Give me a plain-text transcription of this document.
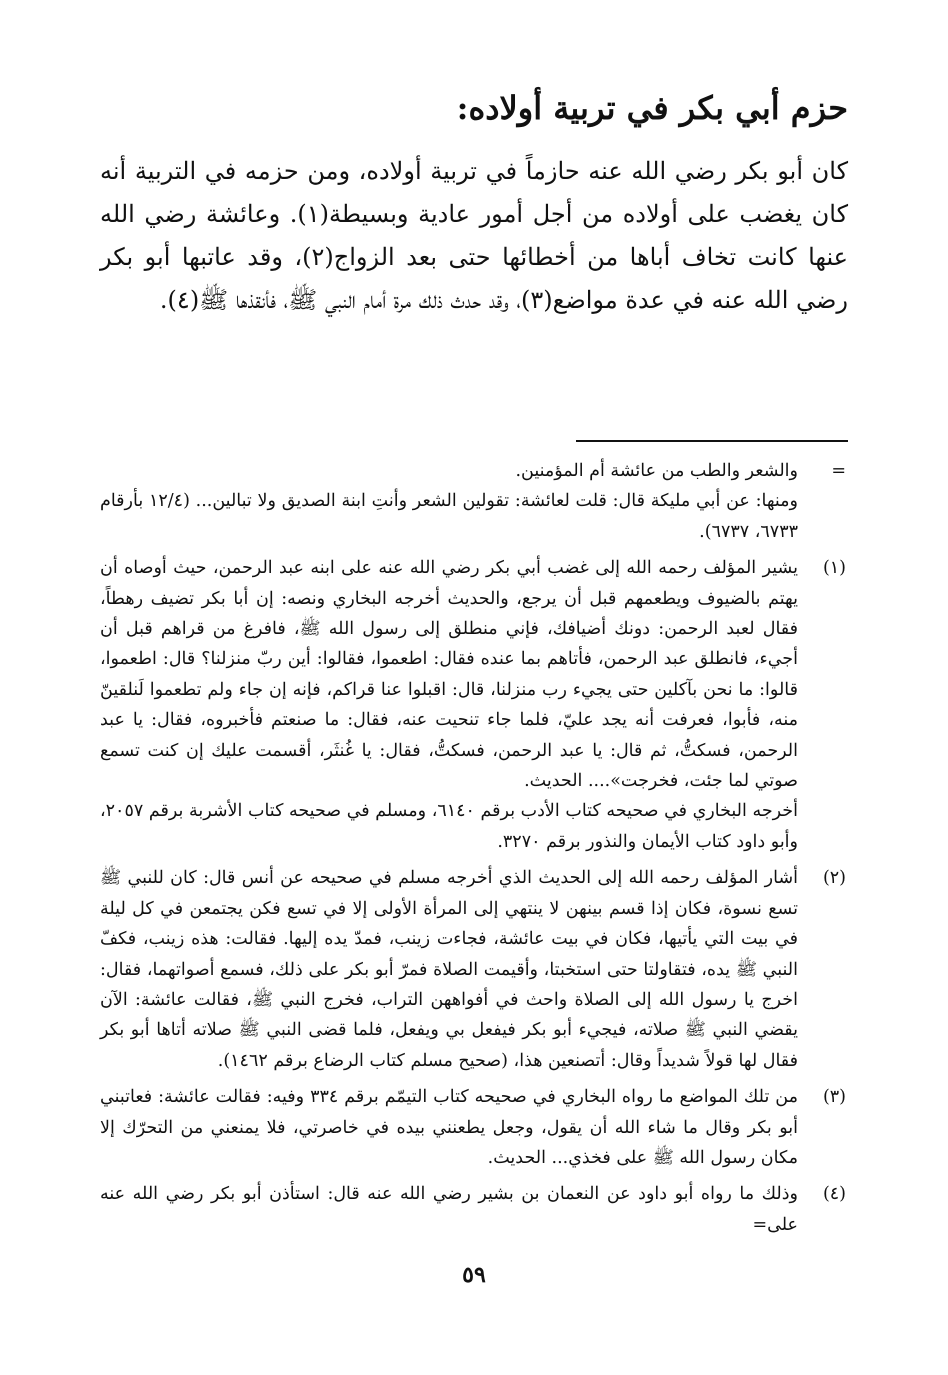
حزم أبي بكر في تربية أولاده:

كان أبو بكر رضي الله عنه حازماً في تربية أولاده، ومن حزمه في التربية أنه كان يغضب على أولاده من أجل أمور عادية وبسيطة(١). وعائشة رضي الله عنها كانت تخاف أباها من أخطائها حتى بعد الزواج(٢)، وقد عاتبها أبو بكر رضي الله عنه في عدة مواضع(٣)، وقد حدث ذلك مرة أمام النبي ﷺ، فأنقذها ﷺ(٤).

=

والشعر والطب من عائشة أم المؤمنين.

ومنها: عن أبي مليكة قال: قلت لعائشة: تقولين الشعر وأنتِ ابنة الصديق ولا تبالين... (١٢/٤ بأرقام ٦٧٣٣، ٦٧٣٧).

(١)

يشير المؤلف رحمه الله إلى غضب أبي بكر رضي الله عنه على ابنه عبد الرحمن، حيث أوصاه أن يهتم بالضيوف ويطعمهم قبل أن يرجع، والحديث أخرجه البخاري ونصه: إن أبا بكر تضيف رهطاً، فقال لعبد الرحمن: دونك أضيافك، فإني منطلق إلى رسول الله ﷺ، فافرغ من قراهم قبل أن أجيء، فانطلق عبد الرحمن، فأتاهم بما عنده فقال: اطعموا، فقالوا: أين ربّ منزلنا؟ قال: اطعموا، قالوا: ما نحن بآكلين حتى يجيء رب منزلنا، قال: اقبلوا عنا قراكم، فإنه إن جاء ولم تطعموا لَنلقينّ منه، فأبوا، فعرفت أنه يجد عليّ، فلما جاء تنحيت عنه، فقال: ما صنعتم فأخبروه، فقال: يا عبد الرحمن، فسكتُّ، ثم قال: يا عبد الرحمن، فسكتُّ، فقال: يا غُنثَر، أقسمت عليك إن كنت تسمع صوتي لما جئت، فخرجت».... الحديث.

أخرجه البخاري في صحيحه كتاب الأدب برقم ٦١٤٠، ومسلم في صحيحه كتاب الأشربة برقم ٢٠٥٧، وأبو داود كتاب الأيمان والنذور برقم ٣٢٧٠.

(٢)

أشار المؤلف رحمه الله إلى الحديث الذي أخرجه مسلم في صحيحه عن أنس قال: كان للنبي ﷺ تسع نسوة، فكان إذا قسم بينهن لا ينتهي إلى المرأة الأولى إلا في تسع فكن يجتمعن في كل ليلة في بيت التي يأتيها، فكان في بيت عائشة، فجاءت زينب، فمدّ يده إليها. فقالت: هذه زينب، فكفّ النبي ﷺ يده، فتقاولتا حتى استخبتا، وأقيمت الصلاة فمرّ أبو بكر على ذلك، فسمع أصواتهما، فقال: اخرج يا رسول الله إلى الصلاة واحث في أفواههن التراب، فخرج النبي ﷺ، فقالت عائشة: الآن يقضي النبي ﷺ صلاته، فيجيء أبو بكر فيفعل بي ويفعل، فلما قضى النبي ﷺ صلاته أتاها أبو بكر فقال لها قولاً شديداً وقال: أتصنعين هذا، (صحيح مسلم كتاب الرضاع برقم ١٤٦٢).

(٣)

من تلك المواضع ما رواه البخاري في صحيحه كتاب التيمّم برقم ٣٣٤ وفيه: فقالت عائشة: فعاتبني أبو بكر وقال ما شاء الله أن يقول، وجعل يطعنني بيده في خاصرتي، فلا يمنعني من التحرّك إلا مكان رسول الله ﷺ على فخذي... الحديث.

(٤)

وذلك ما رواه أبو داود عن النعمان بن بشير رضي الله عنه قال: استأذن أبو بكر رضي الله عنه على=

٥٩
